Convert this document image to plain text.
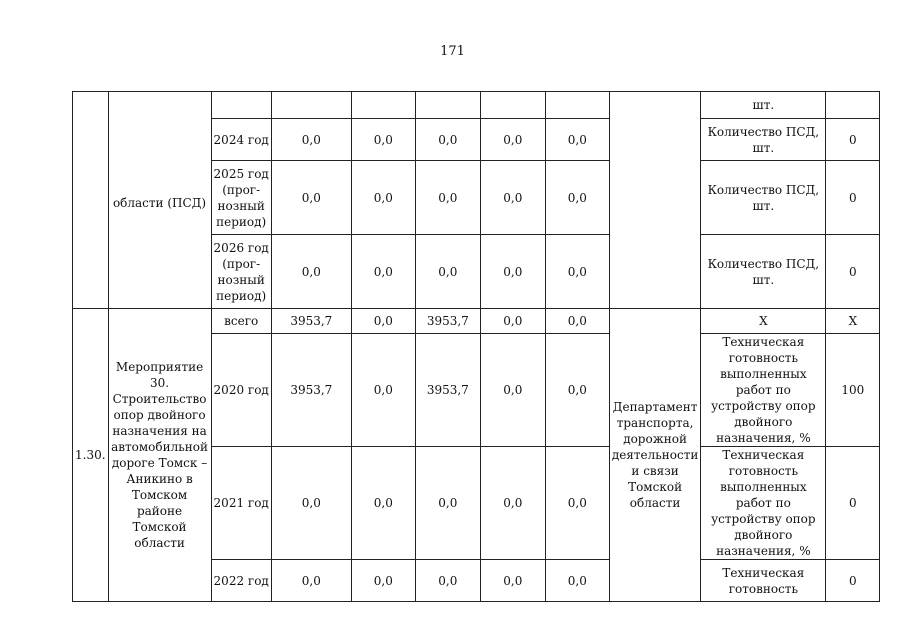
171
	области (ПСД)								шт.	
		2024 год	0,0	0,0	0,0	0,0	0,0		Количество ПСД, шт.	0
		2025 год (прог-нозный период)	0,0	0,0	0,0	0,0	0,0		Количество ПСД, шт.	0
		2026 год (прог-нозный период)	0,0	0,0	0,0	0,0	0,0		Количество ПСД, шт.	0
1.30.	Мероприятие 30. Строительство опор двойного назначения на автомобильной дороге Томск – Аникино в Томском районе Томской области	всего	3953,7	0,0	3953,7	0,0	0,0	Департамент транспорта, дорожной деятельности и связи Томской области	Х	Х
		2020 год	3953,7	0,0	3953,7	0,0	0,0		Техническая готовность выполненных работ по устройству опор двойного назначения, %	100
		2021 год	0,0	0,0	0,0	0,0	0,0		Техническая готовность выполненных работ по устройству опор двойного назначения, %	0
		2022 год	0,0	0,0	0,0	0,0	0,0		Техническая готовность	0
